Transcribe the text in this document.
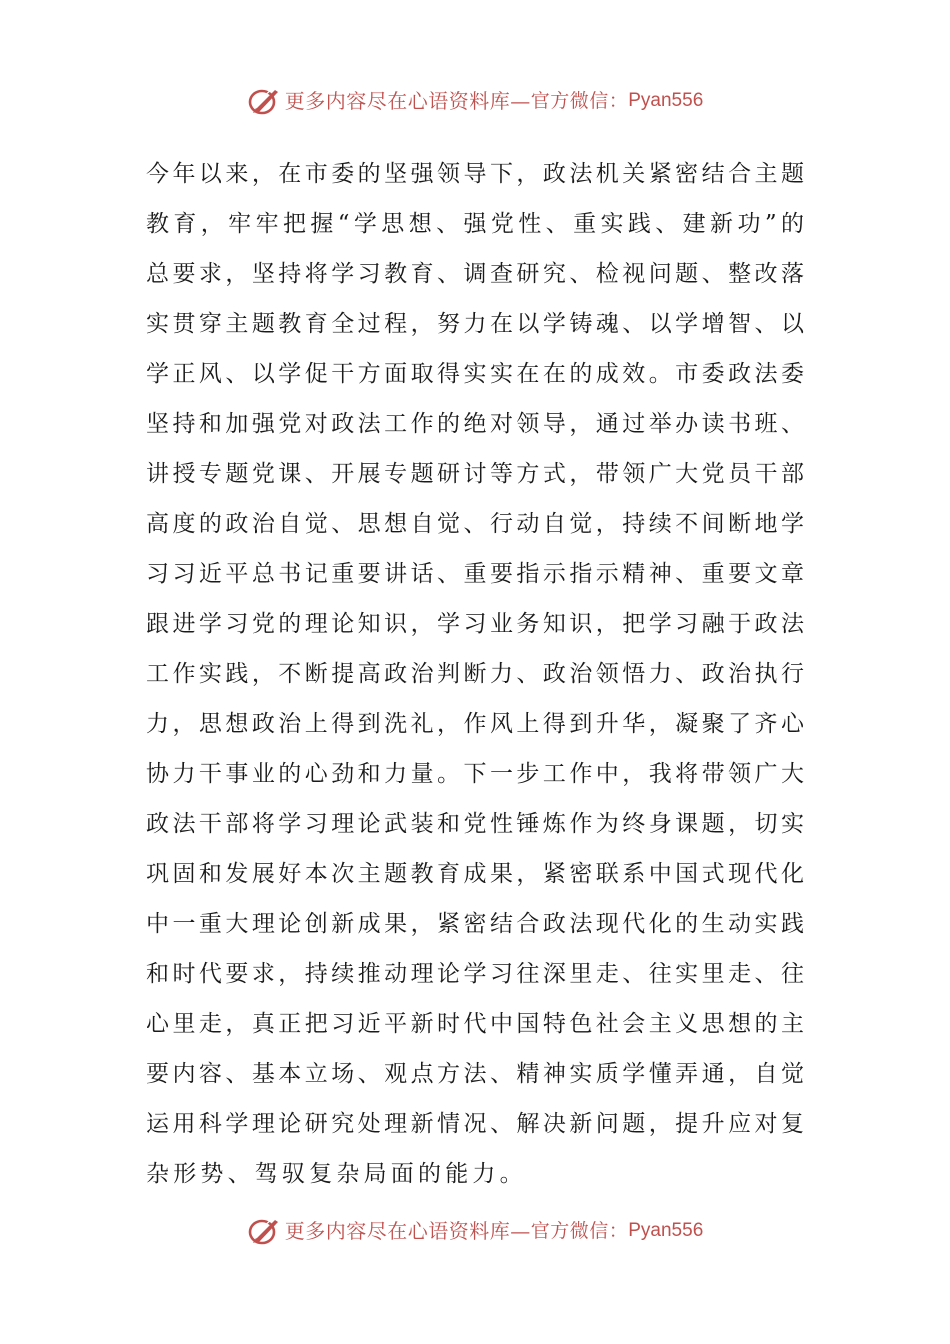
更多内容尽在心语资料库 — 官方微信： Pyan556
今年以来，在市委的坚强领导下，政法机关紧密结合主题
教育，牢牢把握“学思想、强党性、重实践、建新功”的
总要求，坚持将学习教育、调查研究、检视问题、整改落
实贯穿主题教育全过程，努力在以学铸魂、以学增智、以
学正风、以学促干方面取得实实在在的成效。市委政法委
坚持和加强党对政法工作的绝对领导，通过举办读书班、
讲授专题党课、开展专题研讨等方式，带领广大党员干部
高度的政治自觉、思想自觉、行动自觉，持续不间断地学
习习近平总书记重要讲话、重要指示指示精神、重要文章
跟进学习党的理论知识，学习业务知识，把学习融于政法
工作实践，不断提高政治判断力、政治领悟力、政治执行
力，思想政治上得到洗礼，作风上得到升华，凝聚了齐心
协力干事业的心劲和力量。下一步工作中，我将带领广大
政法干部将学习理论武装和党性锤炼作为终身课题，切实
巩固和发展好本次主题教育成果，紧密联系中国式现代化
中一重大理论创新成果，紧密结合政法现代化的生动实践
和时代要求，持续推动理论学习往深里走、往实里走、往
心里走，真正把习近平新时代中国特色社会主义思想的主
要内容、基本立场、观点方法、精神实质学懂弄通，自觉
运用科学理论研究处理新情况、解决新问题，提升应对复
杂形势、驾驭复杂局面的能力。
更多内容尽在心语资料库 — 官方微信： Pyan556
